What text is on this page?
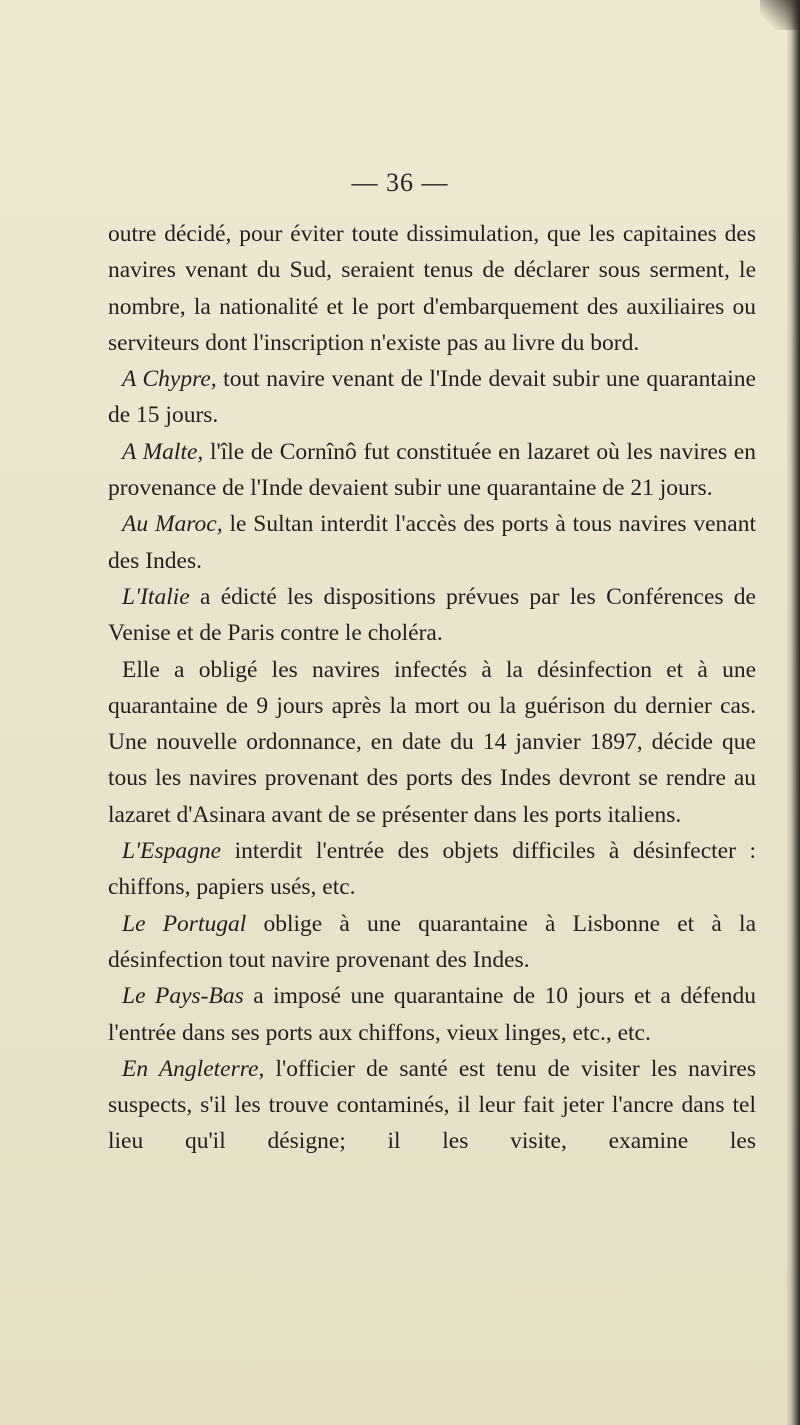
— 36 —

outre décidé, pour éviter toute dissimulation, que les capitaines des navires venant du Sud, seraient tenus de déclarer sous serment, le nombre, la nationalité et le port d'embarquement des auxiliaires ou serviteurs dont l'inscription n'existe pas au livre du bord.

A Chypre, tout navire venant de l'Inde devait subir une quarantaine de 15 jours.

A Malte, l'île de Cornînô fut constituée en lazaret où les navires en provenance de l'Inde devaient subir une quarantaine de 21 jours.

Au Maroc, le Sultan interdit l'accès des ports à tous navires venant des Indes.

L'Italie a édicté les dispositions prévues par les Conférences de Venise et de Paris contre le choléra.

Elle a obligé les navires infectés à la désinfection et à une quarantaine de 9 jours après la mort ou la guérison du dernier cas. Une nouvelle ordonnance, en date du 14 janvier 1897, décide que tous les navires provenant des ports des Indes devront se rendre au lazaret d'Asinara avant de se présenter dans les ports italiens.

L'Espagne interdit l'entrée des objets difficiles à désinfecter : chiffons, papiers usés, etc.

Le Portugal oblige à une quarantaine à Lisbonne et à la désinfection tout navire provenant des Indes.

Le Pays-Bas a imposé une quarantaine de 10 jours et a défendu l'entrée dans ses ports aux chiffons, vieux linges, etc., etc.

En Angleterre, l'officier de santé est tenu de visiter les navires suspects, s'il les trouve contaminés, il leur fait jeter l'ancre dans tel lieu qu'il désigne; il les visite, examine les
